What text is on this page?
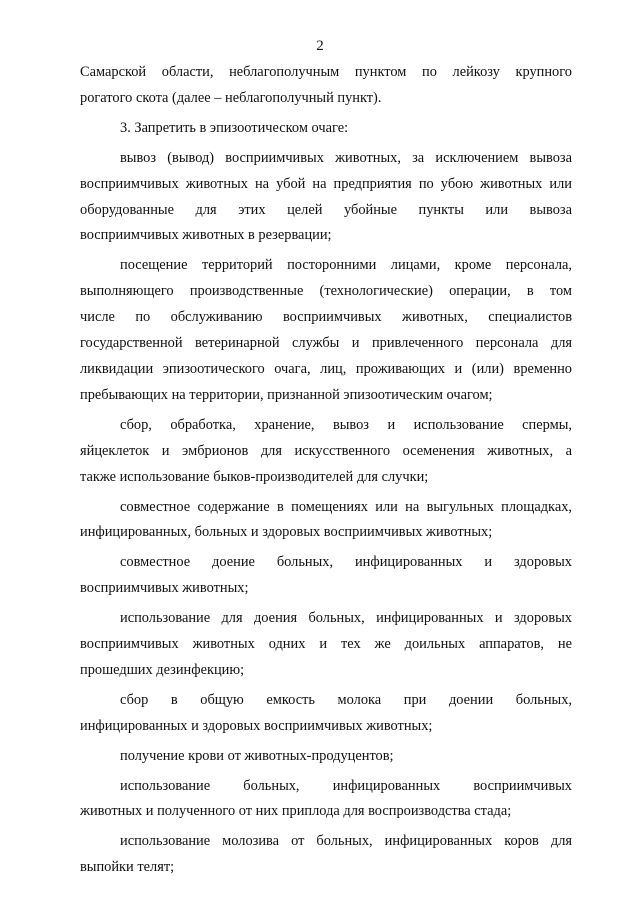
2
Самарской области, неблагополучным пунктом по лейкозу крупного
рогатого скота (далее – неблагополучный пункт).
3. Запретить в эпизоотическом очаге:
вывоз (вывод) восприимчивых животных, за исключением вывоза
восприимчивых животных на убой на предприятия по убою животных или
оборудованные для этих целей убойные пункты или вывоза
восприимчивых животных в резервации;
посещение территорий посторонними лицами, кроме персонала,
выполняющего производственные (технологические) операции, в том
числе по обслуживанию восприимчивых животных, специалистов
государственной ветеринарной службы и привлеченного персонала для
ликвидации эпизоотического очага, лиц, проживающих и (или) временно
пребывающих на территории, признанной эпизоотическим очагом;
сбор, обработка, хранение, вывоз и использование спермы,
яйцеклеток и эмбрионов для искусственного осеменения животных, а
также использование быков-производителей для случки;
совместное содержание в помещениях или на выгульных площадках,
инфицированных, больных и здоровых восприимчивых животных;
совместное доение больных, инфицированных и здоровых
восприимчивых животных;
использование для доения больных, инфицированных и здоровых
восприимчивых животных одних и тех же доильных аппаратов, не
прошедших дезинфекцию;
сбор в общую емкость молока при доении больных,
инфицированных и здоровых восприимчивых животных;
получение крови от животных-продуцентов;
использование больных, инфицированных восприимчивых
животных и полученного от них приплода для воспроизводства стада;
использование молозива от больных, инфицированных коров для
выпойки телят;
